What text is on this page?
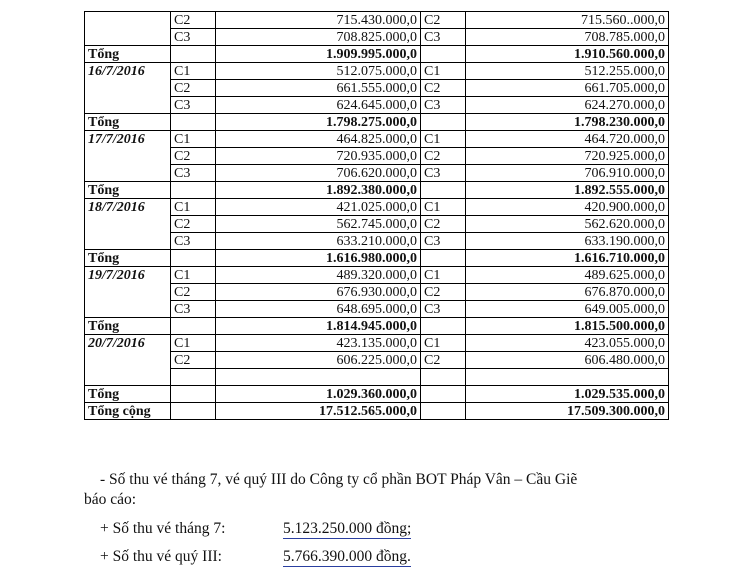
	C2	715.430.000,0	C2	715.560..000,0
	C3	708.825.000,0	C3	708.785.000,0
Tổng		1.909.995.000,0		1.910.560.000,0
16/7/2016	C1	512.075.000,0	C1	512.255.000,0
	C2	661.555.000,0	C2	661.705.000,0
	C3	624.645.000,0	C3	624.270.000,0
Tổng		1.798.275.000,0		1.798.230.000,0
17/7/2016	C1	464.825.000,0	C1	464.720.000,0
	C2	720.935.000,0	C2	720.925.000,0
	C3	706.620.000,0	C3	706.910.000,0
Tổng		1.892.380.000,0		1.892.555.000,0
18/7/2016	C1	421.025.000,0	C1	420.900.000,0
	C2	562.745.000,0	C2	562.620.000,0
	C3	633.210.000,0	C3	633.190.000,0
Tổng		1.616.980.000,0		1.616.710.000,0
19/7/2016	C1	489.320.000,0	C1	489.625.000,0
	C2	676.930.000,0	C2	676.870.000,0
	C3	648.695.000,0	C3	649.005.000,0
Tổng		1.814.945.000,0		1.815.500.000,0
20/7/2016	C1	423.135.000,0	C1	423.055.000,0
	C2	606.225.000,0	C2	606.480.000,0

Tổng		1.029.360.000,0		1.029.535.000,0
Tổng cộng		17.512.565.000,0		17.509.300.000,0
- Số thu vé tháng 7, vé quý III do Công ty cổ phần BOT Pháp Vân – Cầu Giẽ
báo cáo:
+ Số thu vé tháng 7:	5.123.250.000 đồng;
+ Số thu vé quý III:	5.766.390.000 đồng.
